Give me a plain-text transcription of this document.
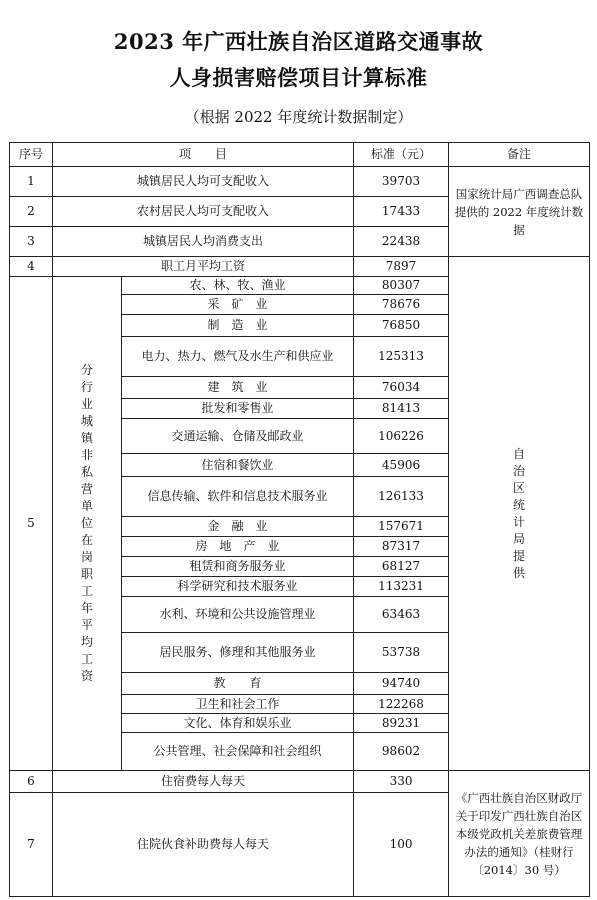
2023 年广西壮族自治区道路交通事故
人身损害赔偿项目计算标准
（根据 2022 年度统计数据制定）
序号	项　　目		标准（元）	备注
1	城镇居民人均可支配收入		39703	国家统计局广西调查总队提供的 2022 年度统计数据
2	农村居民人均可支配收入		17433	
3	城镇居民人均消费支出		22438	
4	职工月平均工资		7897	自治区统计局提供
5	分行业城镇非私营单位在岗职工年平均工资	农、林、牧、渔业	80307	
		采　矿　业	78676	
		制　造　业	76850	
		电力、热力、燃气及水生产和供应业	125313	
		建　筑　业	76034	
		批发和零售业	81413	
		交通运输、仓储及邮政业	106226	
		住宿和餐饮业	45906	
		信息传输、软件和信息技术服务业	126133	
		金　融　业	157671	
		房　地　产　业	87317	
		租赁和商务服务业	68127	
		科学研究和技术服务业	113231	
		水利、环境和公共设施管理业	63463	
		居民服务、修理和其他服务业	53738	
		教　　育	94740	
		卫生和社会工作	122268	
		文化、体育和娱乐业	89231	
		公共管理、社会保障和社会组织	98602	
6	住宿费每人每天		330	《广西壮族自治区财政厅关于印发广西壮族自治区本级党政机关差旅费管理办法的通知》（桂财行〔2014〕30 号）
7	住院伙食补助费每人每天		100	
